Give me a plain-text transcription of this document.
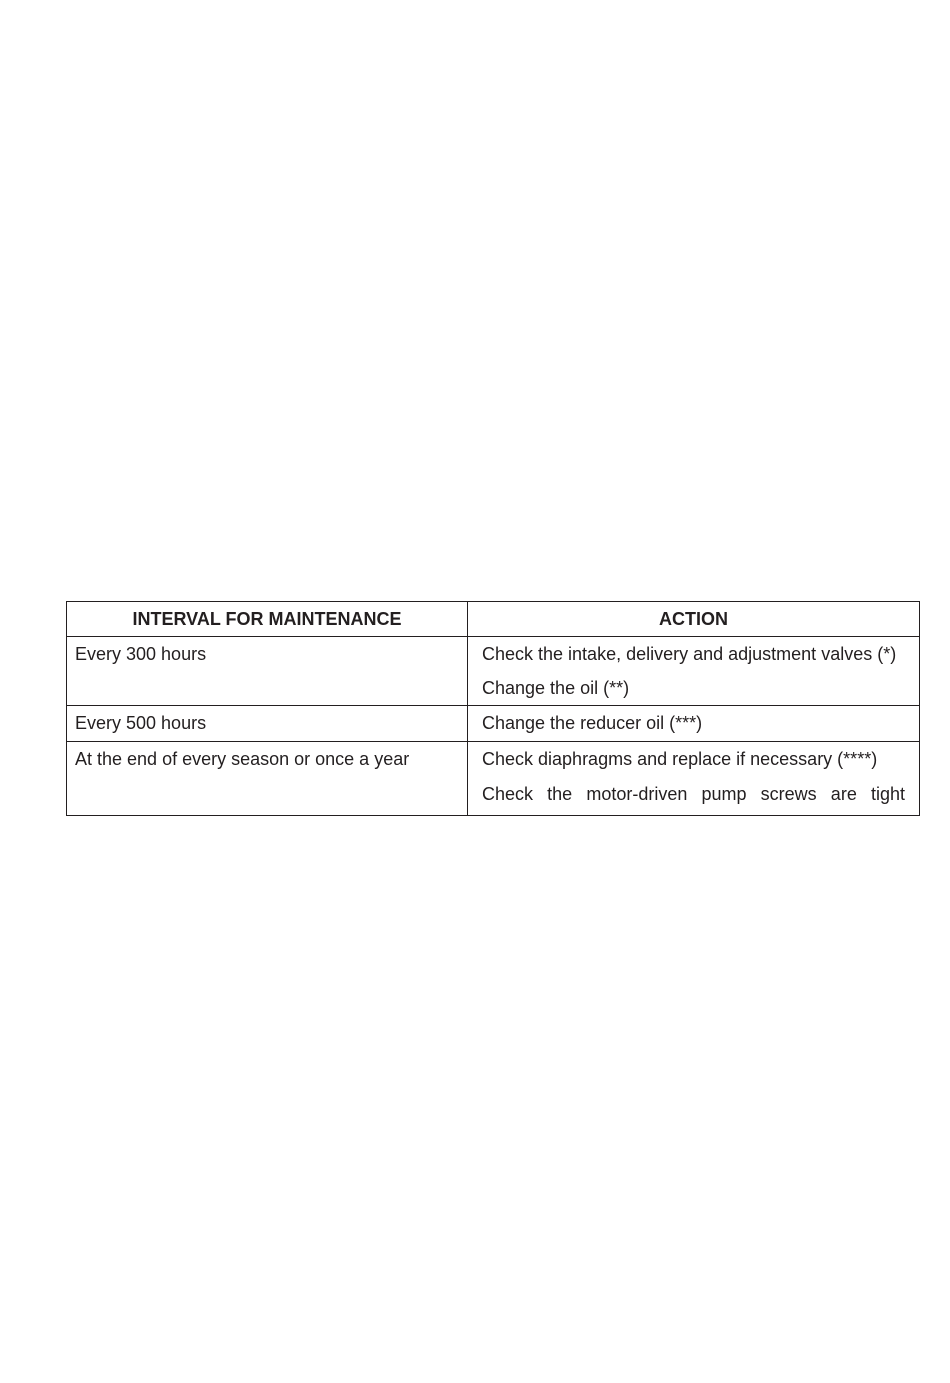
INTERVAL FOR MAINTENANCE	ACTION
Every 300 hours	Check the intake, delivery and adjustment valves (*)
Change the oil (**)

Every 500 hours	Change the reducer oil (***)

At the end of every season or once a year	Check diaphragms and replace if necessary (****)
Check the motor-driven pump screws are tight
